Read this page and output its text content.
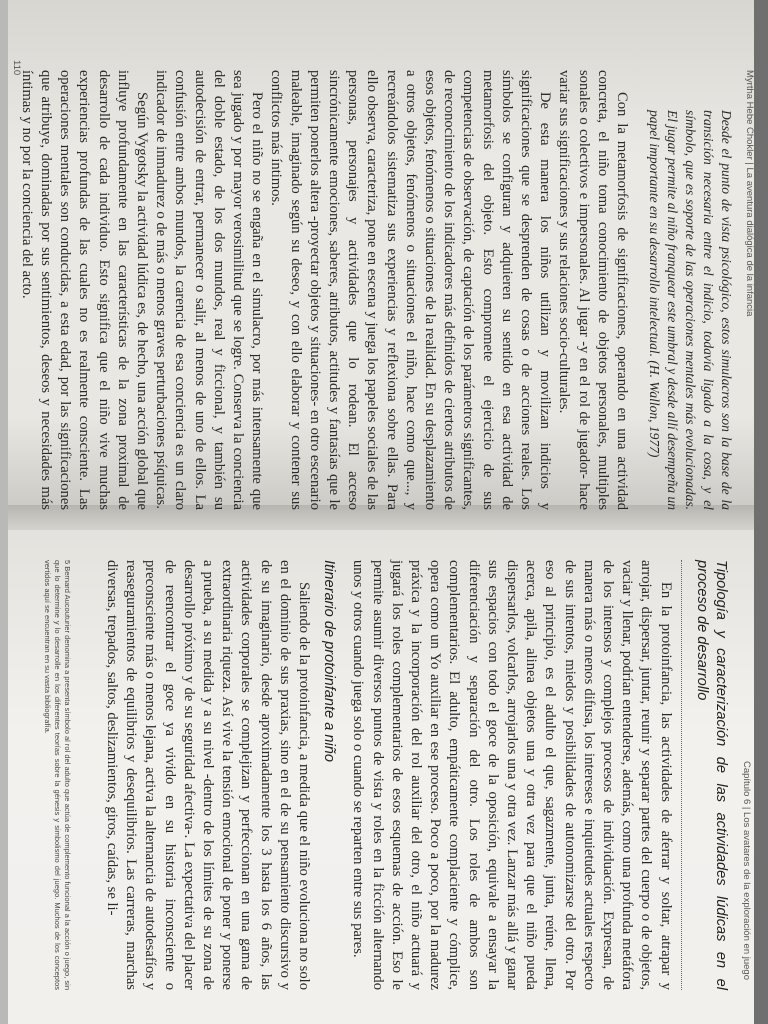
Myrtha Hebe Chokler | La aventura dialógica de la infancia
110

Desde el punto de vista psicológico, estos simulacros son la base de la transición necesaria entre el indicio, todavía ligado a la cosa, y el símbolo, que es soporte de las operaciones mentales más evolucionadas. El jugar permite al niño franquear este umbral y desde allí desempeña un papel importante en su desarrollo intelectual. (H. Wallon, 1977)

Con la metamorfosis de significaciones, operando en una actividad concreta, el niño toma conocimiento de objetos personales, multiples sonales o colectivos e impersonales. Al jugar -y en el rol de jugador- hace variar sus significaciones y sus relaciones socio-culturales.

De esta manera los niños utilizan y movilizan indicios y significaciones que se desprenden de cosas o de acciones reales. Los símbolos se configuran y adquieren su sentido en esa actividad de metamorfosis del objeto. Esto compromete el ejercicio de sus competencias de observación, de captación de los parámetros significantes, de reconocimiento de los indicadores más definidos de ciertos atributos de esos objetos, fenómenos o situaciones de la realidad. En su desplazamiento a otros objetos, fenómenos o situaciones el niño, hace como que..., y recreándolos sistematiza sus experiencias y reflexiona sobre ellas. Para ello observa, caracteriza, pone en escena y juega los papeles sociales de las personas, personajes y actividades que lo rodean. El acceso sincrónicamente emociones, saberes, atributos, actitudes y fantasías que le permiten ponerlos altera -proyectar objetos y situaciones- en otro escenario maleable, imaginado según su deseo, y con ello elaborar y contener sus conflictos más íntimos.

Pero el niño no se engaña en el simulacro, por más intensamente que sea jugado y por mayor verosimilitud que se logre. Conserva la conciencia del doble estado, de los dos mundos, real y ficcional, y también su autodecisión de entrar, permanecer o salir, al menos de uno de ellos. La confusión entre ambos mundos, la carencia de esa conciencia es un claro indicador de inmadurez o de más o menos graves perturbaciones psíquicas.

Según Vygotsky la actividad lúdica es, de hecho, una acción global que influye profundamente en las características de la zona proximal de desarrollo de cada individuo. Esto significa que el niño vive muchas experiencias profundas de las cuales no es realmente consciente. Las operaciones mentales son conducidas, a esta edad, por las significaciones que atribuye, dominadas por sus sentimientos, deseos y necesidades más íntimas y no por la conciencia del acto.

Capítulo 6 | Los avatares de la exploración en juego

Tipología y caracterización de las actividades lúdicas en el proceso de desarrollo

En la protoinfancia, las actividades de aferrar y soltar, atrapar y arrojar, dispersar, juntar, reunir y separar partes del cuerpo o de objetos, vaciar y llenar, podrían entenderse, además, como una profunda metáfora de los intensos y complejos procesos de individuación. Expresan, de manera más o menos difusa, los intereses e inquietudes actuales respecto de sus intentos, miedos y posibilidades de autonomizarse del otro. Por eso al principio, es el adulto el que, sagazmente, junta, reúne, llena, acerca, apila, alinea objetos una y otra vez para que el niño pueda dispersarlos, volcarlos, arrojarlos una y otra vez. Lanzar más allá y ganar sus espacios con todo el goce de la oposición, equivale a ensayar la diferenciación y separación del otro. Los roles de ambos son complementarios. El adulto, empáticamente complaciente y cómplice, opera como un Yo auxiliar en ese proceso. Poco a poco, por la madurez práxica y la incorporación del rol auxiliar del otro, el niño actuará y jugará los roles complementarios de esos esquemas de acción. Eso le permite asumir diversos puntos de vista y roles en la ficción alternando unos y otros cuando juega solo o cuando se reparten entre sus pares.

Itinerario de protoinfante a niño

Saliendo de la protoinfancia, a medida que el niño evoluciona no solo en el dominio de sus praxias, sino en el de su pensamiento discursivo y de su imaginario, desde aproximadamente los 3 hasta los 6 años, las actividades corporales se complejizan y perfeccionan en una gama de extraordinaria riqueza. Así vive la tensión emocional de poner y ponerse a prueba, a su medida y a su nivel -dentro de los límites de su zona de desarrollo próximo y de su seguridad afectiva-. La expectativa del placer de reencontrar el goce ya vivido en su historia inconsciente o preconsciente más o menos lejana, activa la alternancia de autodesafíos y reaseguramientos de equilibrios y desequilibrios. Las carreras, marchas diversas, trepados, saltos, deslizamientos, giros, caídas, se li-

5 Bernard Aucouturier denomina a presenta símbolo al rol del adulto que actúa de complemento funcional a la acción o juego, sin que lo determine y lo desarrolle en los diferentes teorías sobre la génesis y simbolismo del juego. Muchos de los conceptos vertidos aquí se encuentran en su vasta bibliografía.
